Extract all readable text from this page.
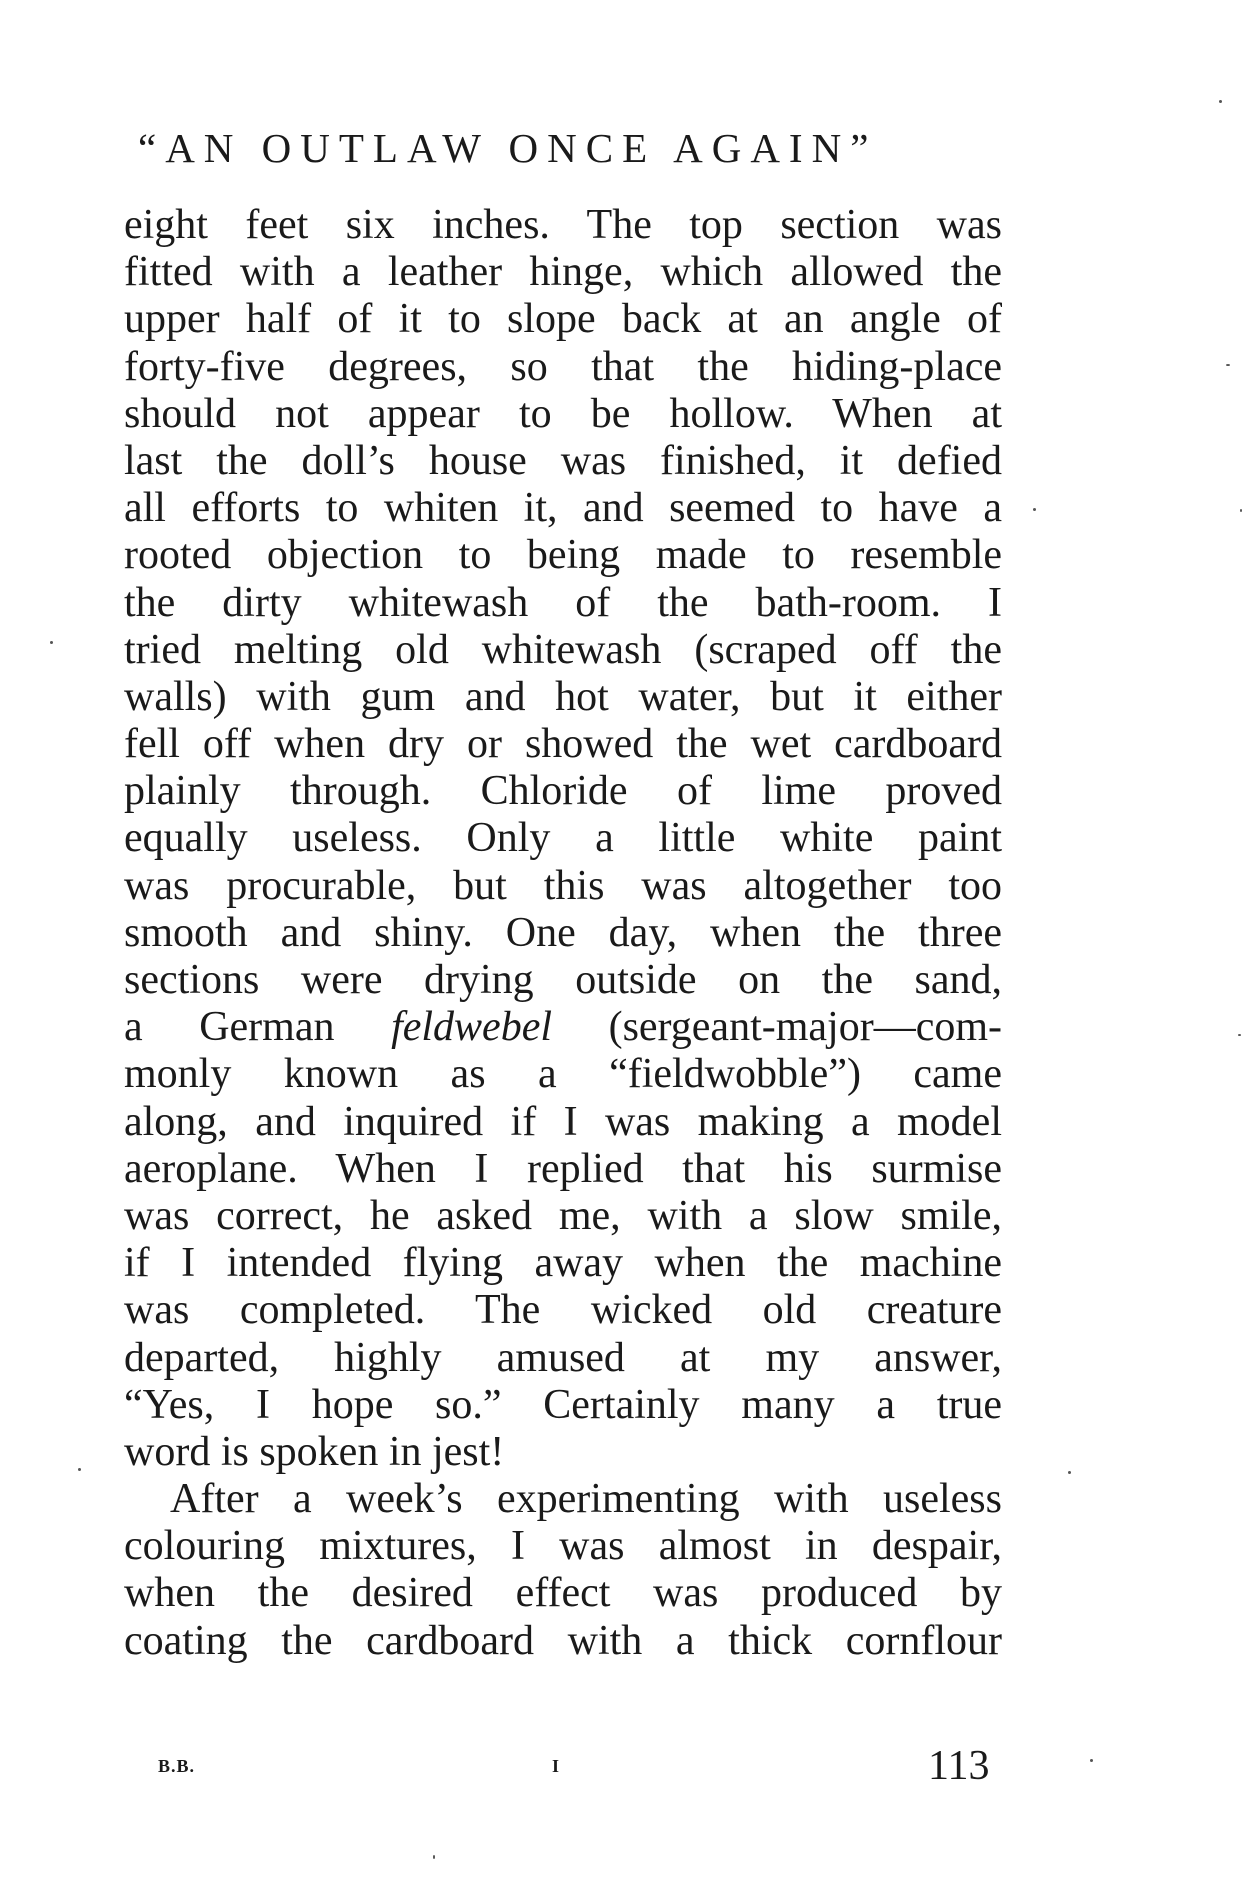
“AN OUTLAW ONCE AGAIN”
eight feet six inches. The top section was
fitted with a leather hinge, which allowed the
upper half of it to slope back at an angle of
forty-five degrees, so that the hiding-place
should not appear to be hollow. When at
last the doll’s house was finished, it defied
all efforts to whiten it, and seemed to have a
rooted objection to being made to resemble
the dirty whitewash of the bath-room. I
tried melting old whitewash (scraped off the
walls) with gum and hot water, but it either
fell off when dry or showed the wet cardboard
plainly through. Chloride of lime proved
equally useless. Only a little white paint
was procurable, but this was altogether too
smooth and shiny. One day, when the three
sections were drying outside on the sand,
a German feldwebel (sergeant-major—com-
monly known as a “fieldwobble”) came
along, and inquired if I was making a model
aeroplane. When I replied that his surmise
was correct, he asked me, with a slow smile,
if I intended flying away when the machine
was completed. The wicked old creature
departed, highly amused at my answer,
“Yes, I hope so.” Certainly many a true
word is spoken in jest!
After a week’s experimenting with useless
colouring mixtures, I was almost in despair,
when the desired effect was produced by
coating the cardboard with a thick cornflour
B.B.	I	113
